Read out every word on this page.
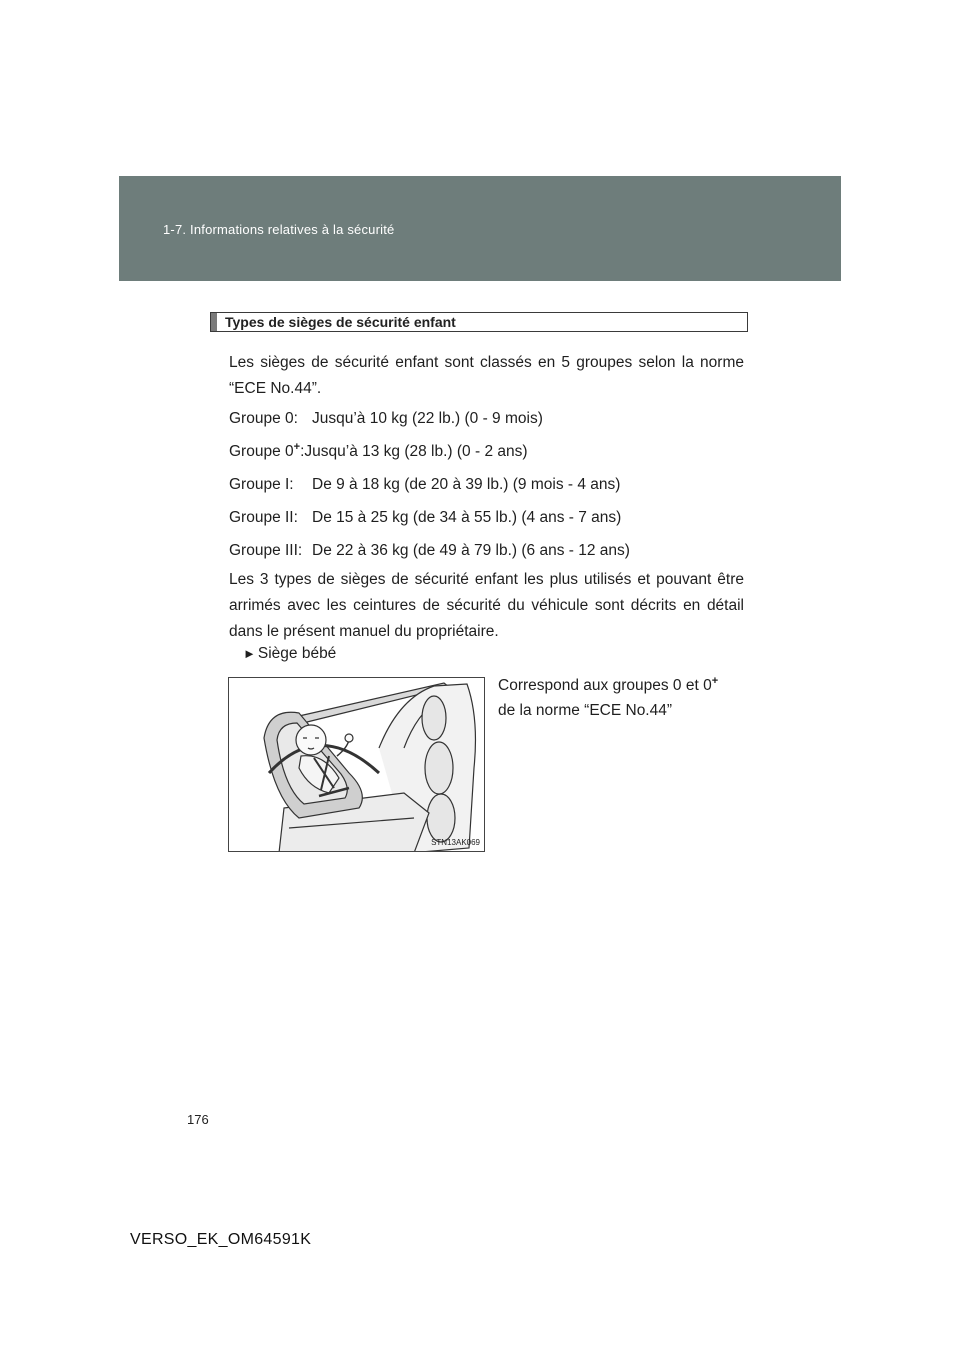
1-7. Informations relatives à la sécurité
Types de sièges de sécurité enfant
Les sièges de sécurité enfant sont classés en 5 groupes selon la norme “ECE No.44”.
Groupe 0: Jusqu’à 10 kg (22 lb.) (0 - 9 mois)
Groupe 0+: Jusqu’à 13 kg (28 lb.) (0 - 2 ans)
Groupe I:	De 9 à 18 kg (de 20 à 39 lb.) (9 mois - 4 ans)
Groupe II: De 15 à 25 kg (de 34 à 55 lb.) (4 ans - 7 ans)
Groupe III: De 22 à 36 kg (de 49 à 79 lb.) (6 ans - 12 ans)
Les 3 types de sièges de sécurité enfant les plus utilisés et pouvant être arrimés avec les ceintures de sécurité du véhicule sont décrits en détail dans le présent manuel du propriétaire.
► Siège bébé
STN13AK069
Correspond aux groupes 0 et 0+
de la norme “ECE No.44”
176
VERSO_EK_OM64591K
